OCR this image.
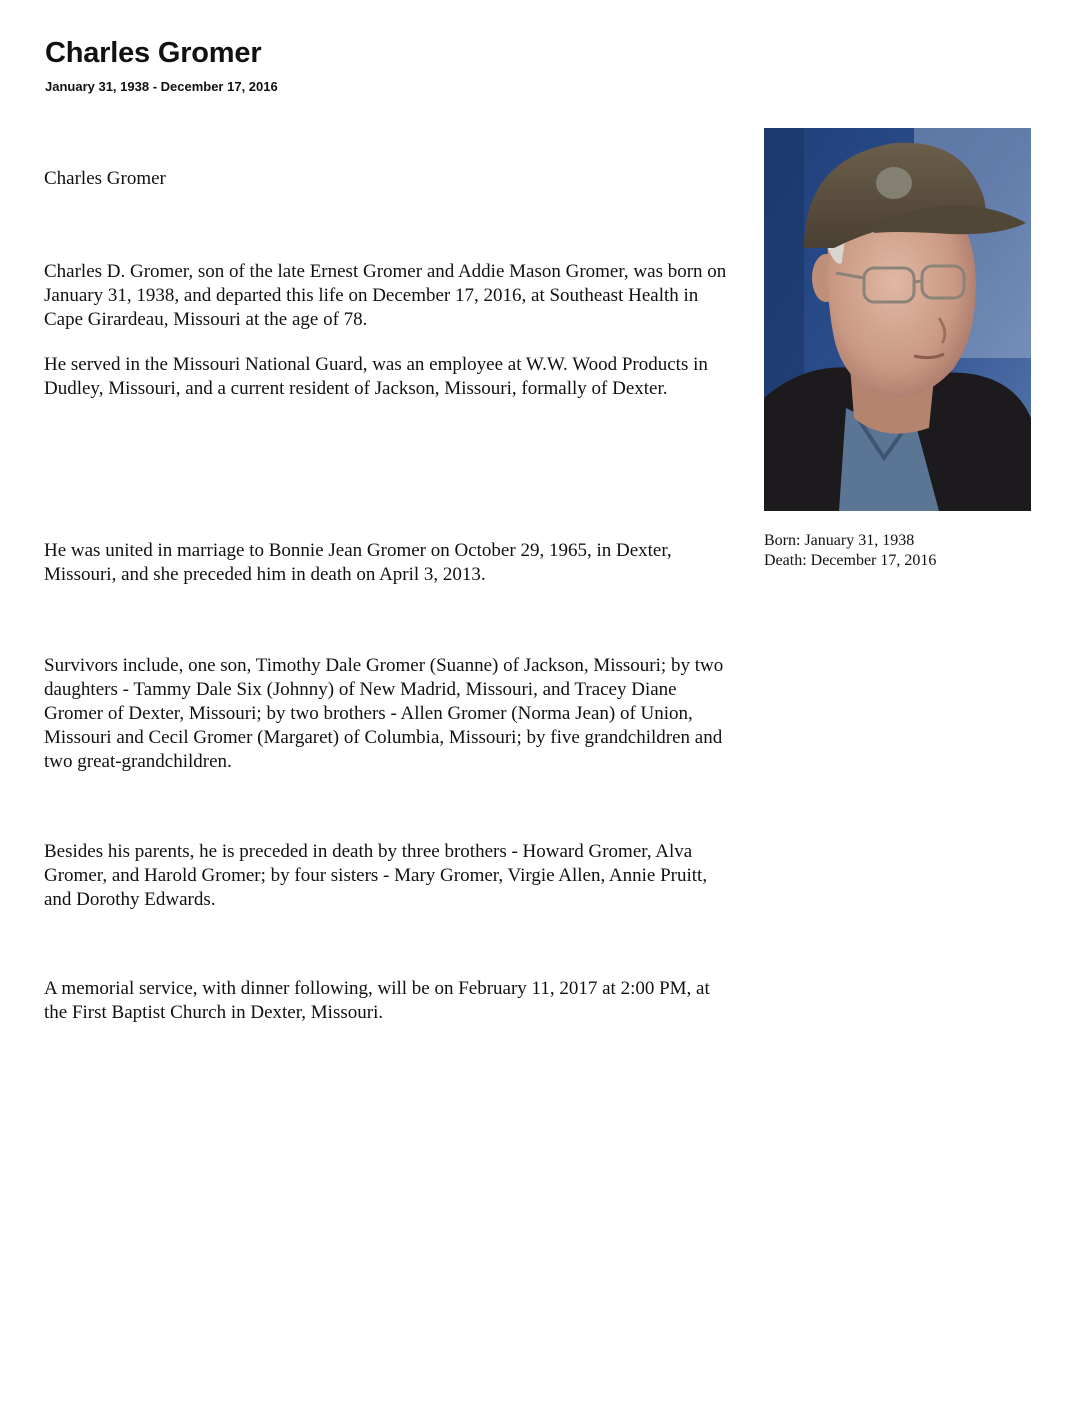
Charles Gromer

January 31, 1938 - December 17, 2016

Charles Gromer

Charles D. Gromer, son of the late Ernest Gromer and Addie Mason Gromer, was born on January 31, 1938, and departed this life on December 17, 2016, at Southeast Health in Cape Girardeau, Missouri at the age of 78.

He served in the Missouri National Guard, was an employee at W.W. Wood Products in Dudley, Missouri, and a current resident of Jackson, Missouri, formally of Dexter.

He was united in marriage to Bonnie Jean Gromer on October 29, 1965, in Dexter, Missouri, and she preceded him in death on April 3, 2013.

Survivors include, one son, Timothy Dale Gromer (Suanne) of Jackson, Missouri; by two daughters - Tammy Dale Six (Johnny) of New Madrid, Missouri, and Tracey Diane Gromer of Dexter, Missouri; by two brothers - Allen Gromer (Norma Jean) of Union, Missouri and Cecil Gromer (Margaret) of Columbia, Missouri; by five grandchildren and two great-grandchildren.

Besides his parents, he is preceded in death by three brothers - Howard Gromer, Alva Gromer, and Harold Gromer; by four sisters - Mary Gromer, Virgie Allen, Annie Pruitt, and Dorothy Edwards.

A memorial service, with dinner following, will be on February 11, 2017 at 2:00 PM, at the First Baptist Church in Dexter, Missouri.

Born: January 31, 1938
Death: December 17, 2016
